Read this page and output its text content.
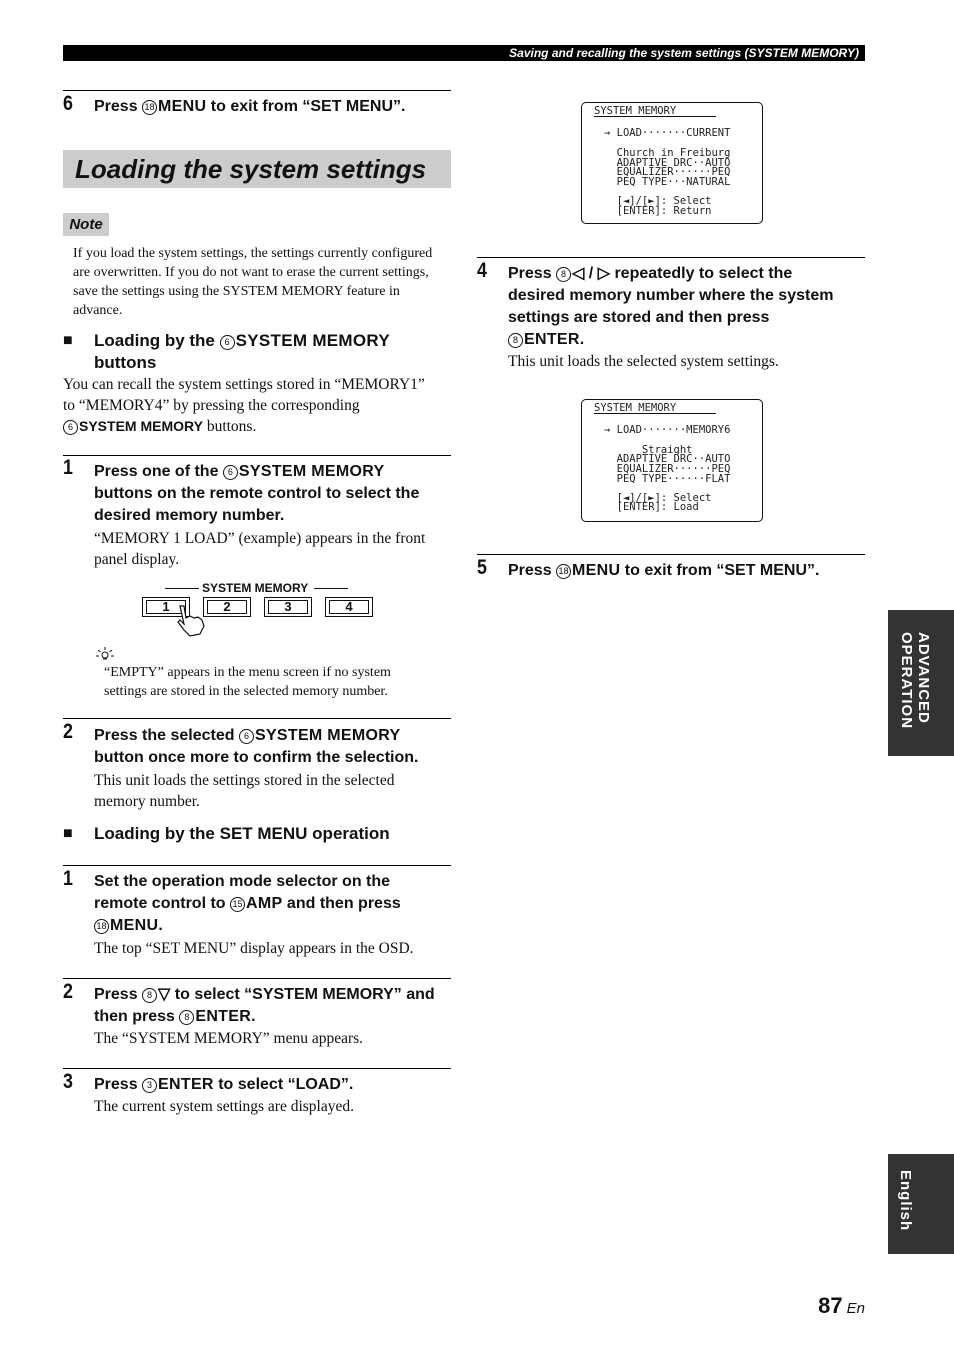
Saving and recalling the system settings (SYSTEM MEMORY)
6 Press 18 MENU to exit from “SET MENU”.
Loading the system settings
Note
If you load the system settings, the settings currently configured are overwritten. If you do not want to erase the current settings, save the settings using the SYSTEM MEMORY feature in advance.
■	Loading by the 6 SYSTEM MEMORY
buttons
You can recall the system settings stored in “MEMORY1”
to “MEMORY4” by pressing the corresponding
6 SYSTEM MEMORY buttons.
1 Press one of the 6 SYSTEM MEMORY
buttons on the remote control to select the
desired memory number.
“MEMORY 1 LOAD” (example) appears in the front panel display.
SYSTEM MEMORY
1	2	3	4
“EMPTY” appears in the menu screen if no system settings are stored in the selected memory number.
2 Press the selected 6 SYSTEM MEMORY
button once more to confirm the selection.
This unit loads the settings stored in the selected memory number.
■	Loading by the SET MENU operation
1 Set the operation mode selector on the
remote control to 15 AMP and then press
18 MENU.
The top “SET MENU” display appears in the OSD.
2 Press 8 ▽ to select “SYSTEM MEMORY” and
then press 8 ENTER.
The “SYSTEM MEMORY” menu appears.
3 Press 3 ENTER to select “LOAD”.
The current system settings are displayed.
SYSTEM MEMORY
→ LOAD·······CURRENT
Church in Freiburg
ADAPTIVE DRC··AUTO
EQUALIZER······PEQ
PEQ TYPE···NATURAL
[◄]/[►]: Select
[ENTER]: Return
4 Press 8 ◁ / ▷ repeatedly to select the
desired memory number where the system
settings are stored and then press
8 ENTER.
This unit loads the selected system settings.
SYSTEM MEMORY
→ LOAD·······MEMORY6
Straight
ADAPTIVE DRC··AUTO
EQUALIZER······PEQ
PEQ TYPE······FLAT
[◄]/[►]: Select
[ENTER]: Load
5 Press 18 MENU to exit from “SET MENU”.
ADVANCED OPERATION
English
87 En
